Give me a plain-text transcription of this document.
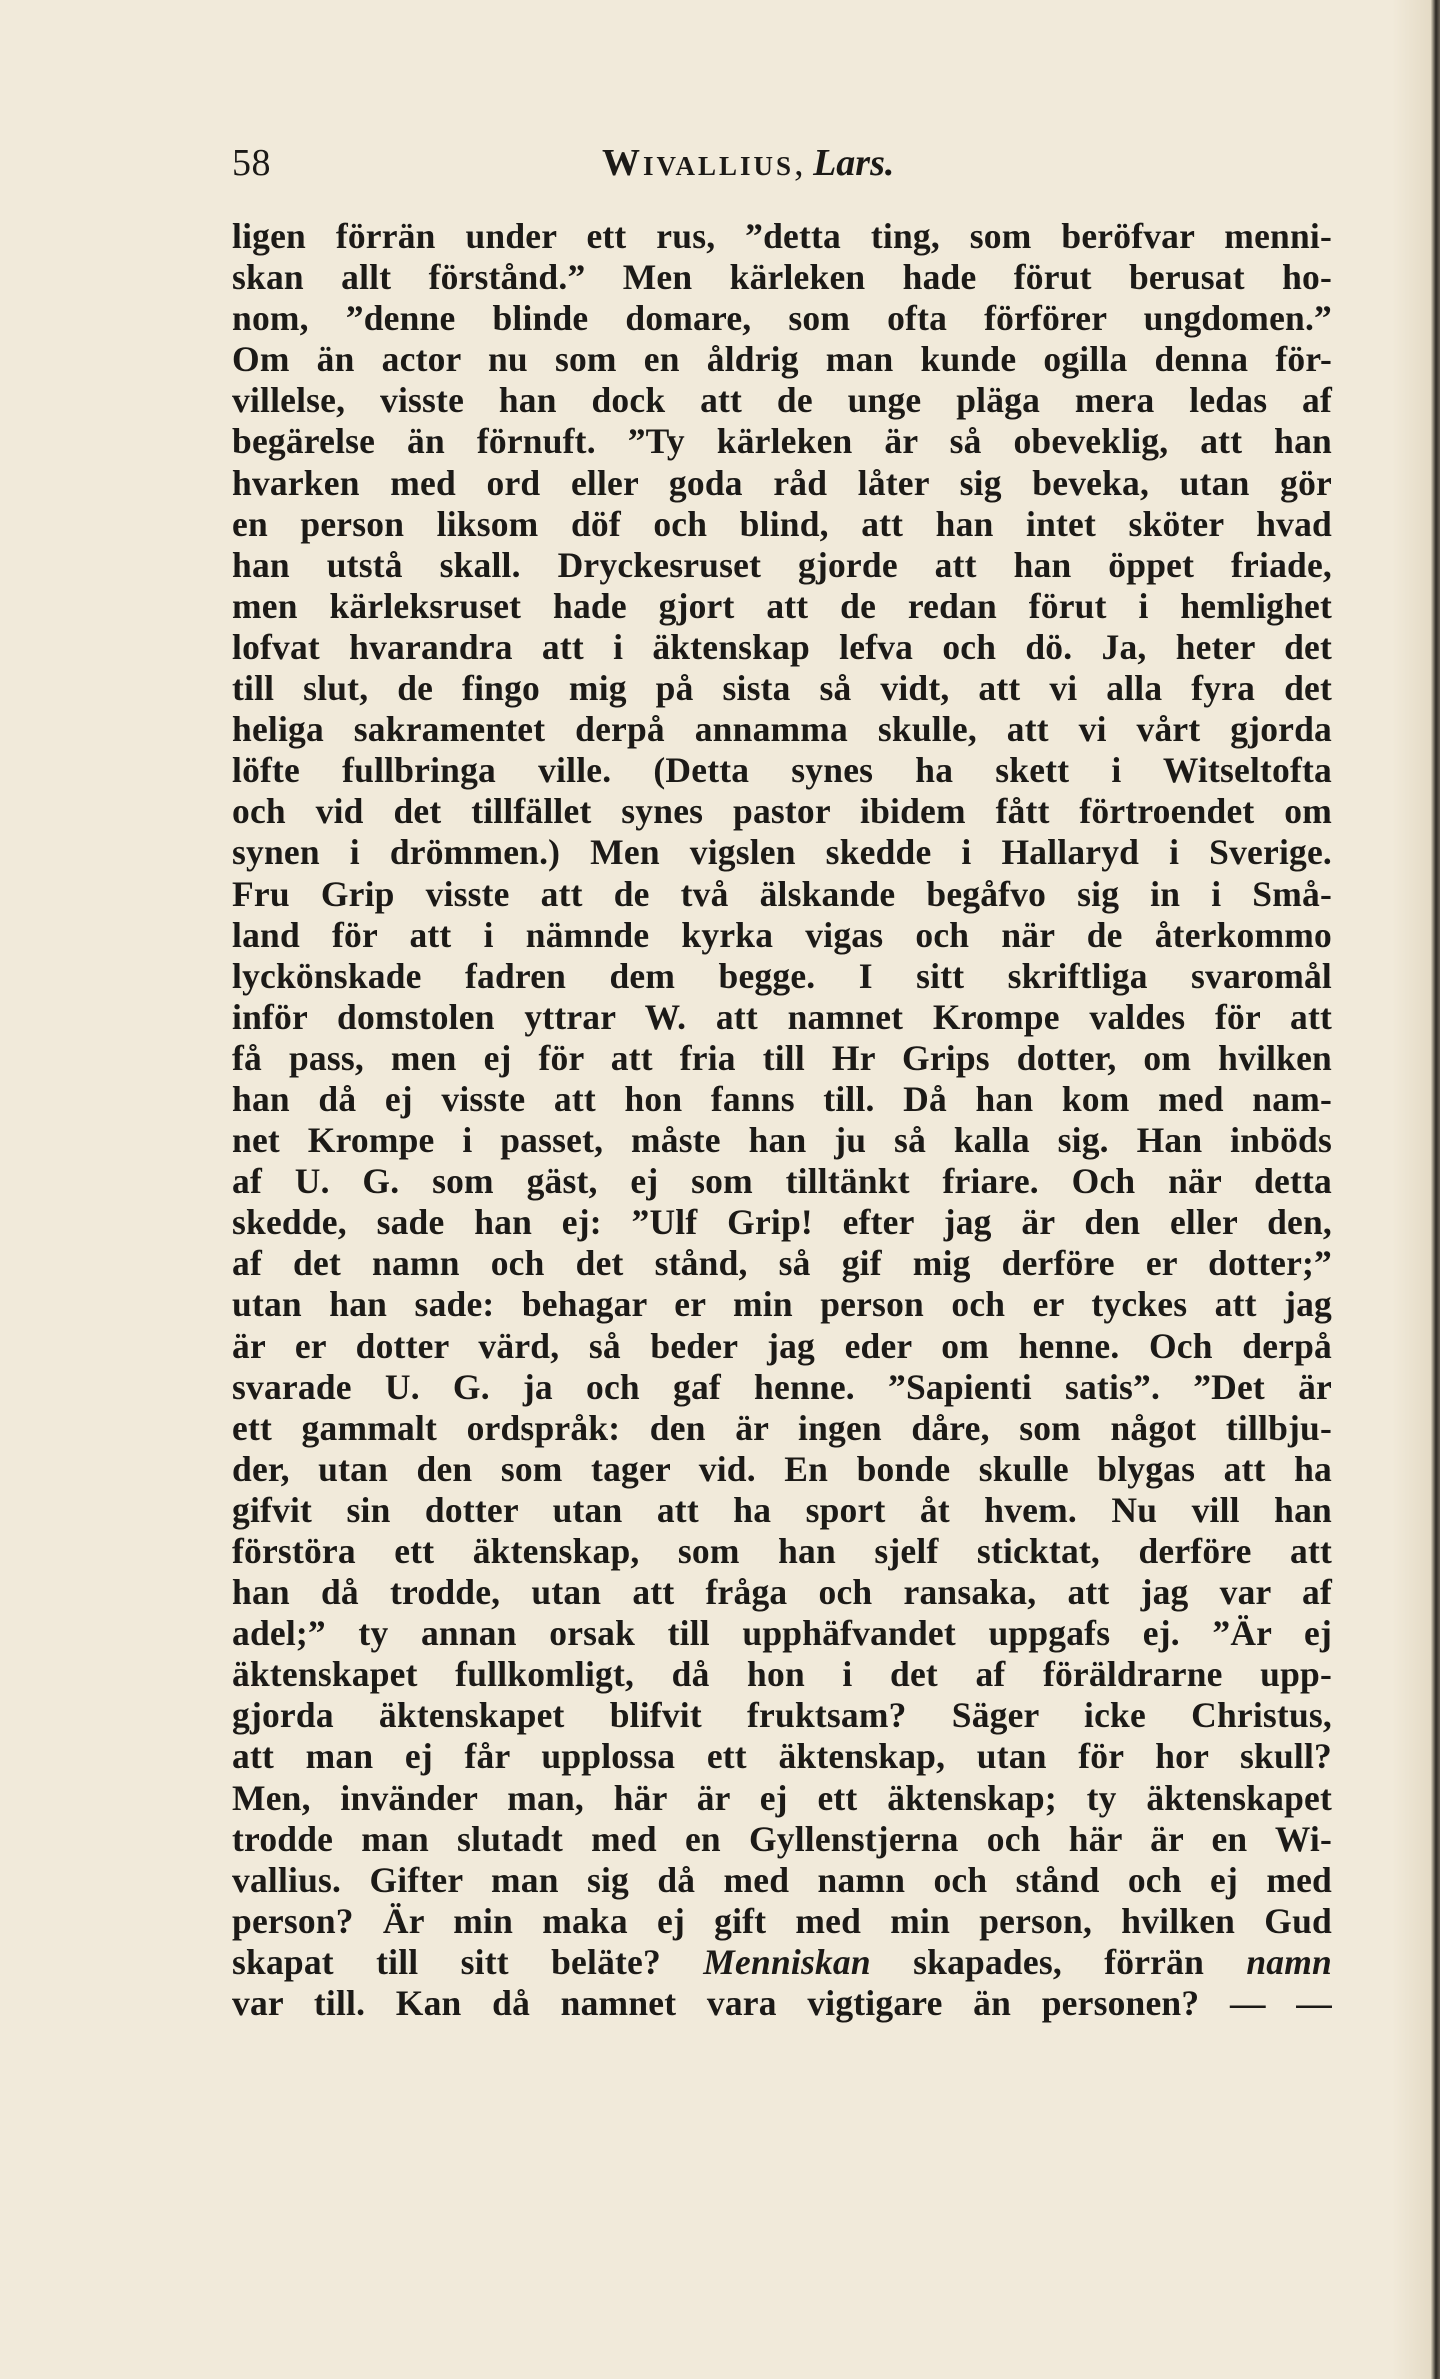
58	Wivallius, Lars.
ligen förrän under ett rus, ”detta ting, som beröfvar menni-
skan allt förstånd.” Men kärleken hade förut berusat ho-
nom, ”denne blinde domare, som ofta förförer ungdomen.”
Om än actor nu som en åldrig man kunde ogilla denna för-
villelse, visste han dock att de unge pläga mera ledas af
begärelse än förnuft. ”Ty kärleken är så obeveklig, att han
hvarken med ord eller goda råd låter sig beveka, utan gör
en person liksom döf och blind, att han intet sköter hvad
han utstå skall. Dryckesruset gjorde att han öppet friade,
men kärleksruset hade gjort att de redan förut i hemlighet
lofvat hvarandra att i äktenskap lefva och dö. Ja, heter det
till slut, de fingo mig på sista så vidt, att vi alla fyra det
heliga sakramentet derpå annamma skulle, att vi vårt gjorda
löfte fullbringa ville. (Detta synes ha skett i Witseltofta
och vid det tillfället synes pastor ibidem fått förtroendet om
synen i drömmen.) Men vigslen skedde i Hallaryd i Sverige.
Fru Grip visste att de två älskande begåfvo sig in i Små-
land för att i nämnde kyrka vigas och när de återkommo
lyckönskade fadren dem begge. I sitt skriftliga svaromål
inför domstolen yttrar W. att namnet Krompe valdes för att
få pass, men ej för att fria till Hr Grips dotter, om hvilken
han då ej visste att hon fanns till. Då han kom med nam-
net Krompe i passet, måste han ju så kalla sig. Han inböds
af U. G. som gäst, ej som tilltänkt friare. Och när detta
skedde, sade han ej: ”Ulf Grip! efter jag är den eller den,
af det namn och det stånd, så gif mig derföre er dotter;”
utan han sade: behagar er min person och er tyckes att jag
är er dotter värd, så beder jag eder om henne. Och derpå
svarade U. G. ja och gaf henne. ”Sapienti satis”. ”Det är
ett gammalt ordspråk: den är ingen dåre, som något tillbju-
der, utan den som tager vid. En bonde skulle blygas att ha
gifvit sin dotter utan att ha sport åt hvem. Nu vill han
förstöra ett äktenskap, som han sjelf sticktat, derföre att
han då trodde, utan att fråga och ransaka, att jag var af
adel;” ty annan orsak till upphäfvandet uppgafs ej. ”Är ej
äktenskapet fullkomligt, då hon i det af föräldrarne upp-
gjorda äktenskapet blifvit fruktsam? Säger icke Christus,
att man ej får upplossa ett äktenskap, utan för hor skull?
Men, invänder man, här är ej ett äktenskap; ty äktenskapet
trodde man slutadt med en Gyllenstjerna och här är en Wi-
vallius. Gifter man sig då med namn och stånd och ej med
person? Är min maka ej gift med min person, hvilken Gud
skapat till sitt beläte? Menniskan skapades, förrän namn
var till. Kan då namnet vara vigtigare än personen? — —
